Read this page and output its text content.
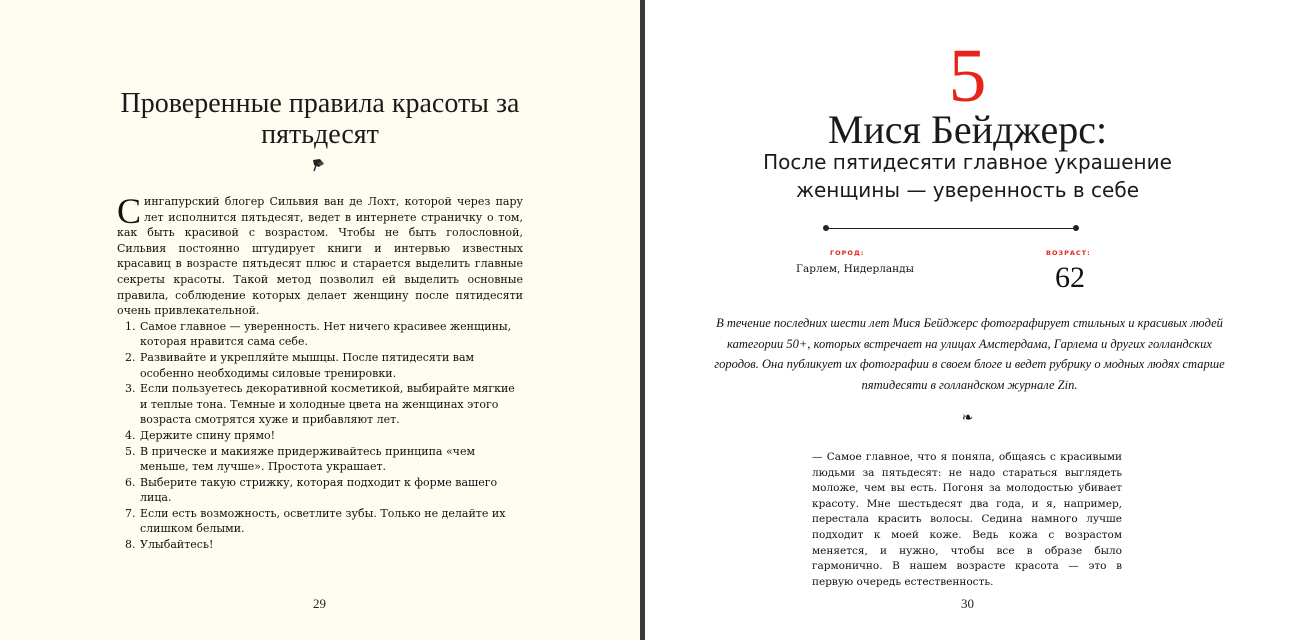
Проверенные правила красоты за пятьдесят

Сингапурский блогер Сильвия ван де Лохт, которой через пару лет исполнится пятьдесят, ведет в интернете страничку о том, как быть красивой с возрастом. Чтобы не быть голословной, Сильвия постоянно штудирует книги и интервью известных красавиц в возрасте пятьдесят плюс и старается выделить главные секреты красоты. Такой метод позволил ей выделить основные правила, соблюдение которых делает женщину после пятидесяти очень привлекательной.

1. Самое главное — уверенность. Нет ничего красивее женщины, которая нравится сама себе.
2. Развивайте и укрепляйте мышцы. После пятидесяти вам особенно необходимы силовые тренировки.
3. Если пользуетесь декоративной косметикой, выбирайте мягкие и теплые тона. Темные и холодные цвета на женщинах этого возраста смотрятся хуже и прибавляют лет.
4. Держите спину прямо!
5. В прическе и макияже придерживайтесь принципа «чем меньше, тем лучше». Простота украшает.
6. Выберите такую стрижку, которая подходит к форме вашего лица.
7. Если есть возможность, осветлите зубы. Только не делайте их слишком белыми.
8. Улыбайтесь!
29
5
Мися Бейджерс:
После пятидесяти главное украшение женщины — уверенность в себе
ГОРОД:
Гарлем, Нидерланды
ВОЗРАСТ:
62
В течение последних шести лет Мися Бейджерс фотографирует стильных и красивых людей категории 50+, которых встречает на улицах Амстердама, Гарлема и других голландских городов. Она публикует их фотографии в своем блоге и ведет рубрику о модных людях старше пятидесяти в голландском журнале Zin.
❧
— Самое главное, что я поняла, общаясь с красивыми людьми за пятьдесят: не надо стараться выглядеть моложе, чем вы есть. Погоня за молодостью убивает красоту. Мне шестьдесят два года, и я, например, перестала красить волосы. Седина намного лучше подходит к моей коже. Ведь кожа с возрастом меняется, и нужно, чтобы все в образе было гармонично. В нашем возрасте красота — это в первую очередь естественность.
30
